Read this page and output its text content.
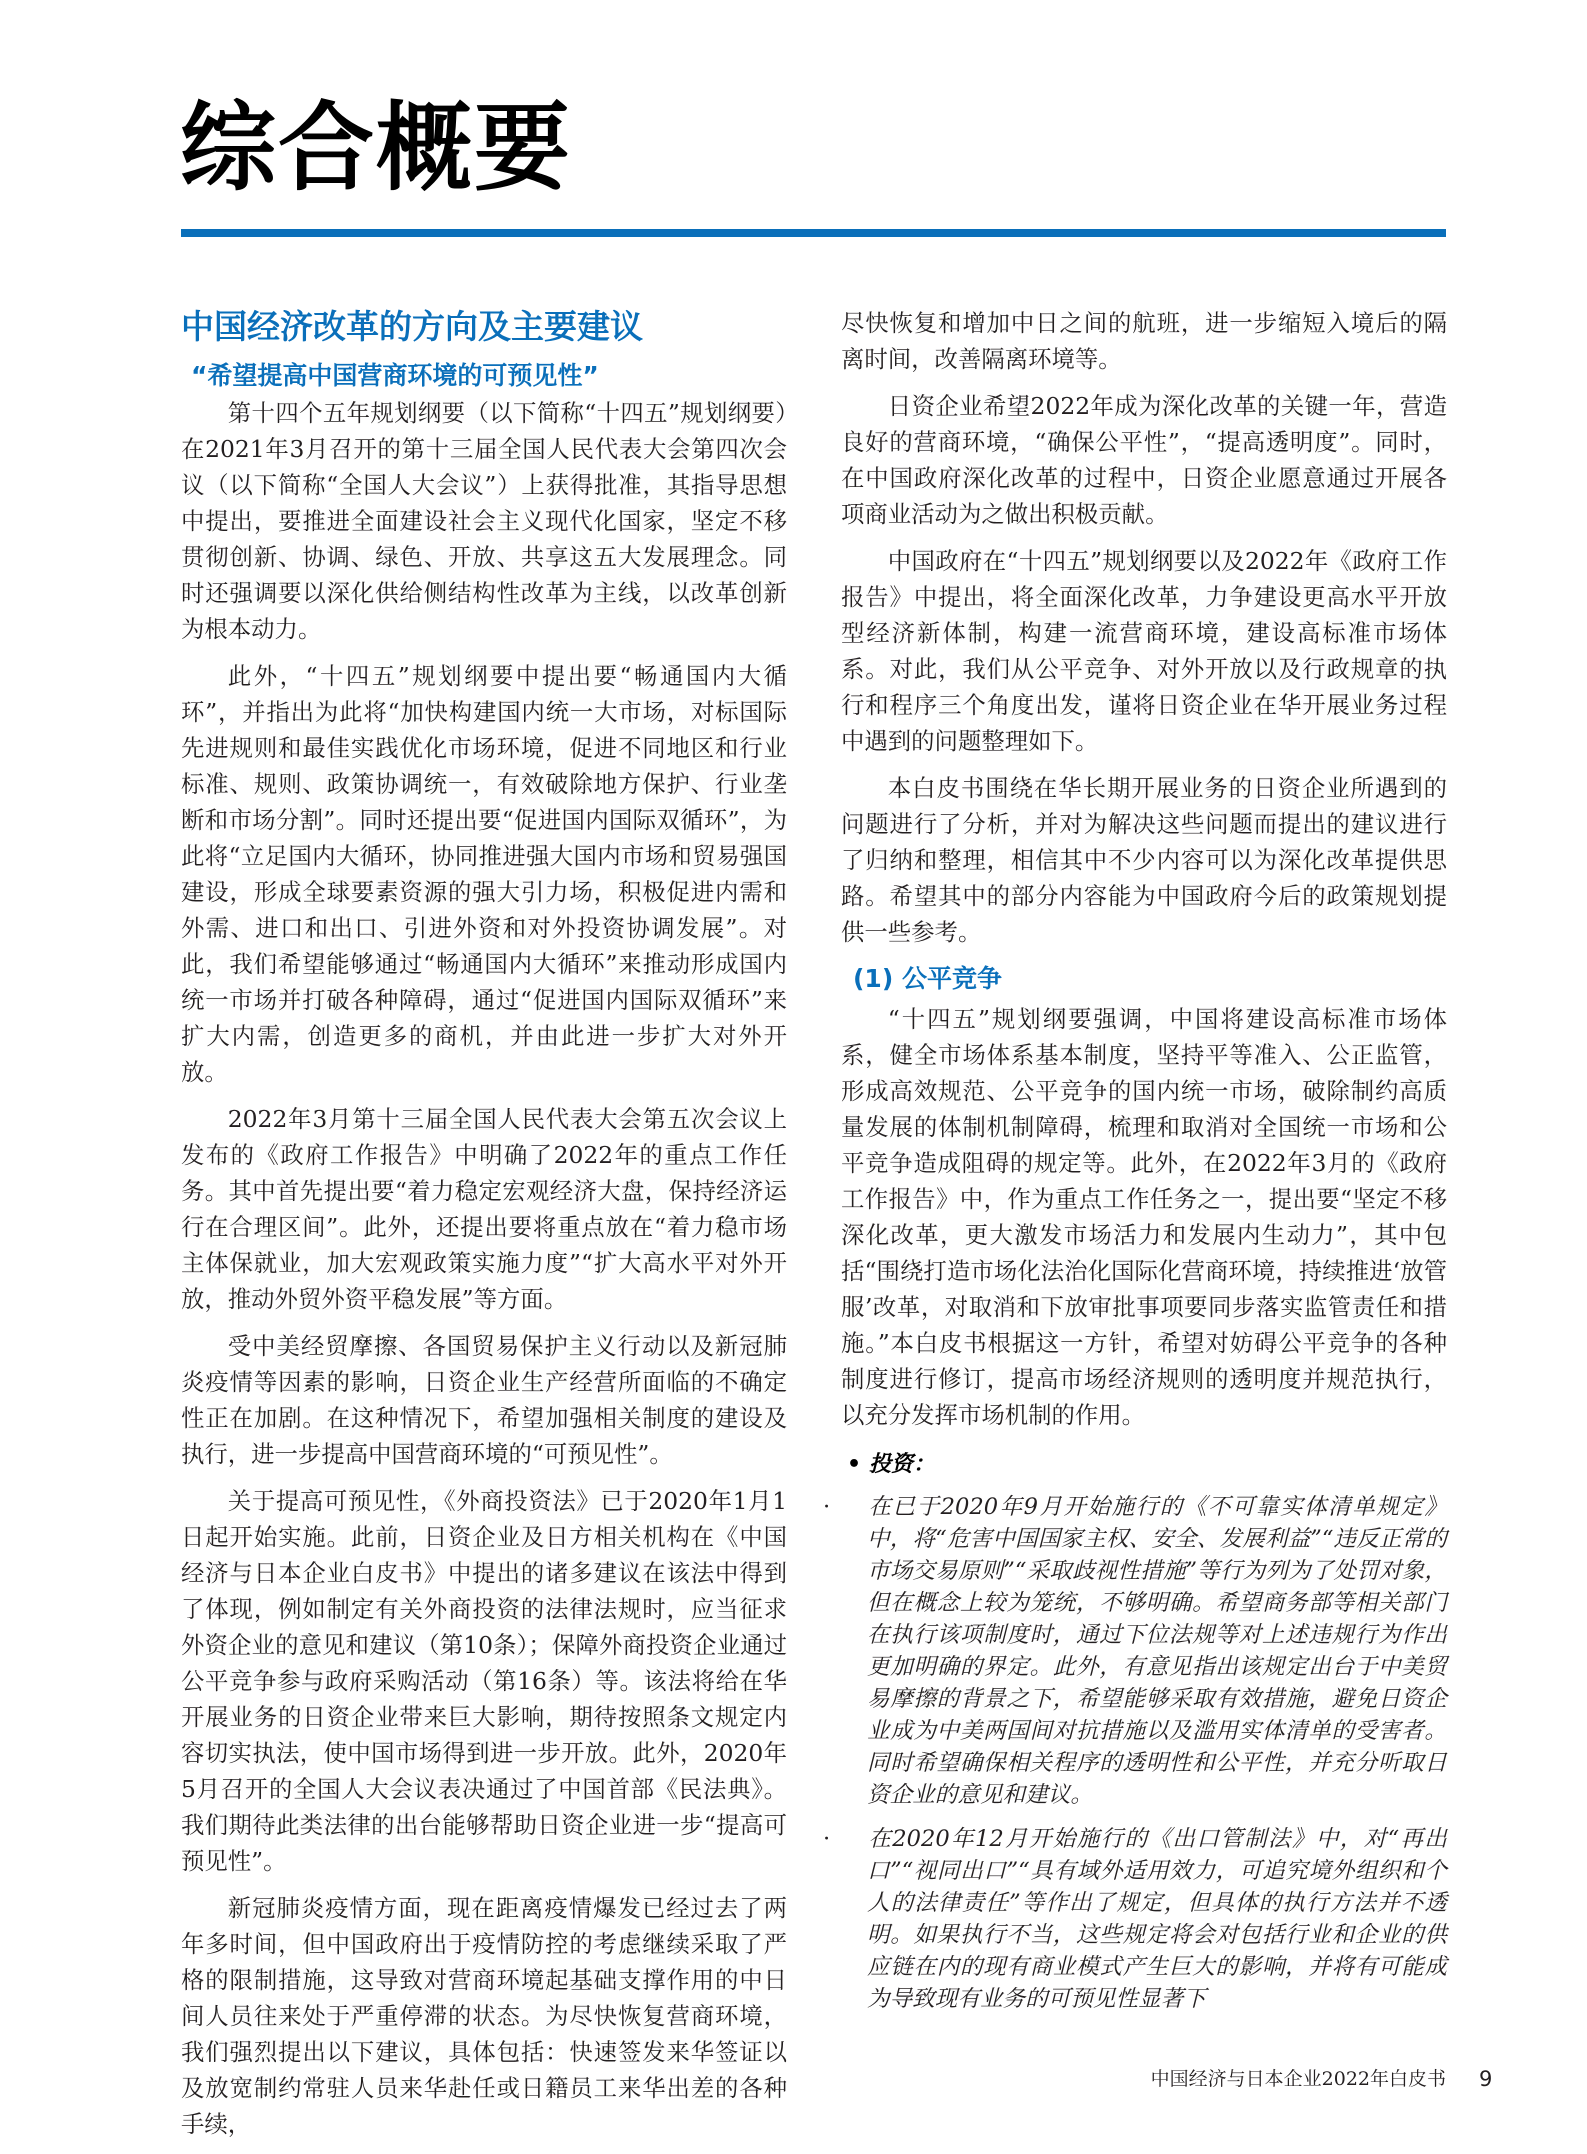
综合概要
中国经济改革的方向及主要建议
“希望提高中国营商环境的可预见性”

第十四个五年规划纲要（以下简称“十四五”规划纲要）在2021年3月召开的第十三届全国人民代表大会第四次会议（以下简称“全国人大会议”）上获得批准，其指导思想中提出，要推进全面建设社会主义现代化国家，坚定不移贯彻创新、协调、绿色、开放、共享这五大发展理念。同时还强调要以深化供给侧结构性改革为主线，以改革创新为根本动力。

此外，“十四五”规划纲要中提出要“畅通国内大循环”，并指出为此将“加快构建国内统一大市场，对标国际先进规则和最佳实践优化市场环境，促进不同地区和行业标准、规则、政策协调统一，有效破除地方保护、行业垄断和市场分割”。同时还提出要“促进国内国际双循环”，为此将“立足国内大循环，协同推进强大国内市场和贸易强国建设，形成全球要素资源的强大引力场，积极促进内需和外需、进口和出口、引进外资和对外投资协调发展”。对此，我们希望能够通过“畅通国内大循环”来推动形成国内统一市场并打破各种障碍，通过“促进国内国际双循环”来扩大内需，创造更多的商机，并由此进一步扩大对外开放。

2022年3月第十三届全国人民代表大会第五次会议上发布的《政府工作报告》中明确了2022年的重点工作任务。其中首先提出要“着力稳定宏观经济大盘，保持经济运行在合理区间”。此外，还提出要将重点放在“着力稳市场主体保就业，加大宏观政策实施力度”“扩大高水平对外开放，推动外贸外资平稳发展”等方面。

受中美经贸摩擦、各国贸易保护主义行动以及新冠肺炎疫情等因素的影响，日资企业生产经营所面临的不确定性正在加剧。在这种情况下，希望加强相关制度的建设及执行，进一步提高中国营商环境的“可预见性”。

关于提高可预见性，《外商投资法》已于2020年1月1日起开始实施。此前，日资企业及日方相关机构在《中国经济与日本企业白皮书》中提出的诸多建议在该法中得到了体现，例如制定有关外商投资的法律法规时，应当征求外资企业的意见和建议（第10条）；保障外商投资企业通过公平竞争参与政府采购活动（第16条）等。该法将给在华开展业务的日资企业带来巨大影响，期待按照条文规定内容切实执法，使中国市场得到进一步开放。此外，2020年5月召开的全国人大会议表决通过了中国首部《民法典》。我们期待此类法律的出台能够帮助日资企业进一步“提高可预见性”。

新冠肺炎疫情方面，现在距离疫情爆发已经过去了两年多时间，但中国政府出于疫情防控的考虑继续采取了严格的限制措施，这导致对营商环境起基础支撑作用的中日间人员往来处于严重停滞的状态。为尽快恢复营商环境，我们强烈提出以下建议，具体包括：快速签发来华签证以及放宽制约常驻人员来华赴任或日籍员工来华出差的各种手续，

尽快恢复和增加中日之间的航班，进一步缩短入境后的隔离时间，改善隔离环境等。

日资企业希望2022年成为深化改革的关键一年，营造良好的营商环境，“确保公平性”，“提高透明度”。同时，在中国政府深化改革的过程中，日资企业愿意通过开展各项商业活动为之做出积极贡献。

中国政府在“十四五”规划纲要以及2022年《政府工作报告》中提出，将全面深化改革，力争建设更高水平开放型经济新体制，构建一流营商环境，建设高标准市场体系。对此，我们从公平竞争、对外开放以及行政规章的执行和程序三个角度出发，谨将日资企业在华开展业务过程中遇到的问题整理如下。

本白皮书围绕在华长期开展业务的日资企业所遇到的问题进行了分析，并对为解决这些问题而提出的建议进行了归纳和整理，相信其中不少内容可以为深化改革提供思路。希望其中的部分内容能为中国政府今后的政策规划提供一些参考。

(1) 公平竞争

“十四五”规划纲要强调，中国将建设高标准市场体系，健全市场体系基本制度，坚持平等准入、公正监管，形成高效规范、公平竞争的国内统一市场，破除制约高质量发展的体制机制障碍，梳理和取消对全国统一市场和公平竞争造成阻碍的规定等。此外，在2022年3月的《政府工作报告》中，作为重点工作任务之一，提出要“坚定不移深化改革，更大激发市场活力和发展内生动力”，其中包括“围绕打造市场化法治化国际化营商环境，持续推进‘放管服’改革，对取消和下放审批事项要同步落实监管责任和措施。”本白皮书根据这一方针，希望对妨碍公平竞争的各种制度进行修订，提高市场经济规则的透明度并规范执行，以充分发挥市场机制的作用。

• 投资：

· 在已于2020年9月开始施行的《不可靠实体清单规定》中，将“危害中国国家主权、安全、发展利益”“违反正常的市场交易原则”“采取歧视性措施”等行为列为了处罚对象，但在概念上较为笼统，不够明确。希望商务部等相关部门在执行该项制度时，通过下位法规等对上述违规行为作出更加明确的界定。此外，有意见指出该规定出台于中美贸易摩擦的背景之下，希望能够采取有效措施，避免日资企业成为中美两国间对抗措施以及滥用实体清单的受害者。同时希望确保相关程序的透明性和公平性，并充分听取日资企业的意见和建议。

· 在2020年12月开始施行的《出口管制法》中，对“再出口”“视同出口”“具有域外适用效力，可追究境外组织和个人的法律责任”等作出了规定，但具体的执行方法并不透明。如果执行不当，这些规定将会对包括行业和企业的供应链在内的现有商业模式产生巨大的影响，并将有可能成为导致现有业务的可预见性显著下

中国经济与日本企业2022年白皮书 9
